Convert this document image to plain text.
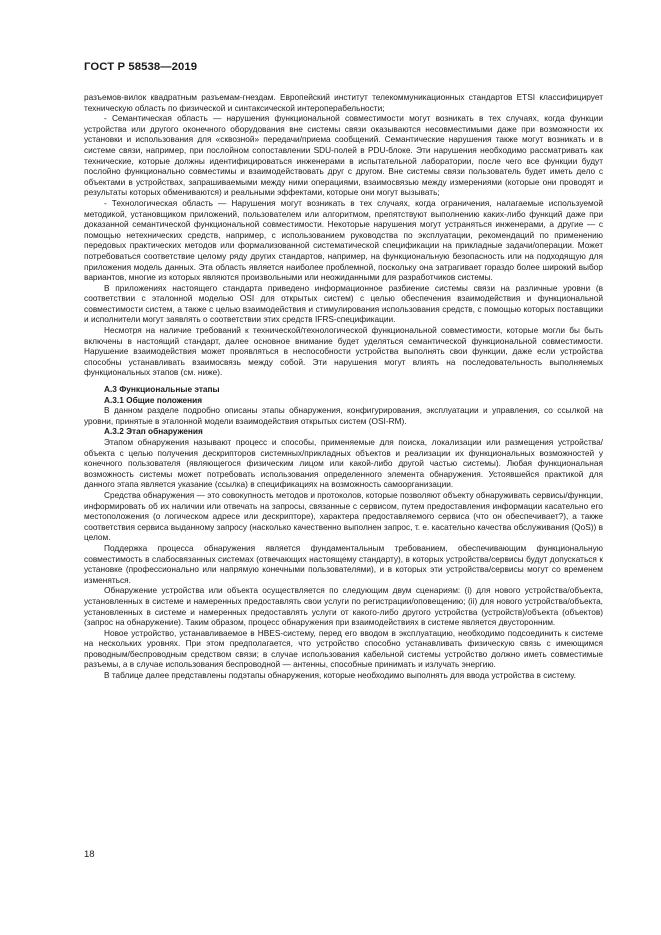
ГОСТ Р 58538—2019

разъемов-вилок квадратным разъемам-гнездам. Европейский институт телекоммуникационных стандартов ETSI классифицирует техническую область по физической и синтаксической интероперабельности;

- Семантическая область — нарушения функциональной совместимости могут возникать в тех случаях, когда функции устройства или другого оконечного оборудования вне системы связи оказываются несовместимыми даже при возможности их установки и использования для «сквозной» передачи/приема сообщений. Семантические нарушения также могут возникать и в системе связи, например, при послойном сопоставлении SDU-полей в PDU-блоке. Эти нарушения необходимо рассматривать как технические, которые должны идентифицироваться инженерами в испытательной лаборатории, после чего все функции будут послойно функционально совместимы и взаимодействовать друг с другом. Вне системы связи пользователь будет иметь дело с объектами в устройствах, запрашиваемыми между ними операциями, взаимосвязью между измерениями (которые они проводят и результаты которых обмениваются) и реальными эффектами, которые они могут вызывать;

- Технологическая область — Нарушения могут возникать в тех случаях, когда ограничения, налагаемые используемой методикой, установщиком приложений, пользователем или алгоритмом, препятствуют выполнению каких-либо функций даже при доказанной семантической функциональной совместимости. Некоторые нарушения могут устраняться инженерами, а другие — с помощью нетехнических средств, например, с использованием руководства по эксплуатации, рекомендаций по применению передовых практических методов или формализованной систематической спецификации на прикладные задачи/операции. Может потребоваться соответствие целому ряду других стандартов, например, на функциональную безопасность или на подходящую для приложения модель данных. Эта область является наиболее проблемной, поскольку она затрагивает гораздо более широкий выбор вариантов, многие из которых являются произвольными или неожиданными для разработчиков системы.

В приложениях настоящего стандарта приведено информационное разбиение системы связи на различные уровни (в соответствии с эталонной моделью OSI для открытых систем) с целью обеспечения взаимодействия и функциональной совместимости систем, а также с целью взаимодействия и стимулирования использования средств, с помощью которых поставщики и исполнители могут заявлять о соответствии этих средств IFRS-спецификации.

Несмотря на наличие требований к технической/технологической функциональной совместимости, которые могли бы быть включены в настоящий стандарт, далее основное внимание будет уделяться семантической функциональной совместимости. Нарушение взаимодействия может проявляться в неспособности устройства выполнять свои функции, даже если устройства способны устанавливать взаимосвязь между собой. Эти нарушения могут влиять на последовательность выполняемых функциональных этапов (см. ниже).

А.3 Функциональные этапы

А.3.1 Общие положения

В данном разделе подробно описаны этапы обнаружения, конфигурирования, эксплуатации и управления, со ссылкой на уровни, принятые в эталонной модели взаимодействия открытых систем (OSI-RM).

А.3.2 Этап обнаружения

Этапом обнаружения называют процесс и способы, применяемые для поиска, локализации или размещения устройства/объекта с целью получения дескрипторов системных/прикладных объектов и реализации их функциональных возможностей у конечного пользователя (являющегося физическим лицом или какой-либо другой частью системы). Любая функциональная возможность системы может потребовать использования определенного элемента обнаружения. Устоявшейся практикой для данного этапа является указание (ссылка) в спецификациях на возможность самоорганизации.

Средства обнаружения — это совокупность методов и протоколов, которые позволяют объекту обнаруживать сервисы/функции, информировать об их наличии или отвечать на запросы, связанные с сервисом, путем предоставления информации касательно его местоположения (о логическом адресе или дескрипторе), характера предоставляемого сервиса (что он обеспечивает?), а также соответствия сервиса выданному запросу (насколько качественно выполнен запрос, т. е. касательно качества обслуживания (QoS)) в целом.

Поддержка процесса обнаружения является фундаментальным требованием, обеспечивающим функциональную совместимость в слабосвязанных системах (отвечающих настоящему стандарту), в которых устройства/сервисы будут допускаться к установке (профессионально или напрямую конечными пользователями), и в которых эти устройства/сервисы могут со временем изменяться.

Обнаружение устройства или объекта осуществляется по следующим двум сценариям: (i) для нового устройства/объекта, установленных в системе и намеренных предоставлять свои услуги по регистрации/оповещению; (ii) для нового устройства/объекта, установленных в системе и намеренных предоставлять услуги от какого-либо другого устройства (устройств)/объекта (объектов) (запрос на обнаружение). Таким образом, процесс обнаружения при взаимодействиях в системе является двусторонним.

Новое устройство, устанавливаемое в HBES-систему, перед его вводом в эксплуатацию, необходимо подсоединить к системе на нескольких уровнях. При этом предполагается, что устройство способно устанавливать физическую связь с имеющимся проводным/беспроводным средством связи; в случае использования кабельной системы устройство должно иметь совместимые разъемы, а в случае использования беспроводной — антенны, способные принимать и излучать энергию.

В таблице далее представлены подэтапы обнаружения, которые необходимо выполнять для ввода устройства в систему.

18
